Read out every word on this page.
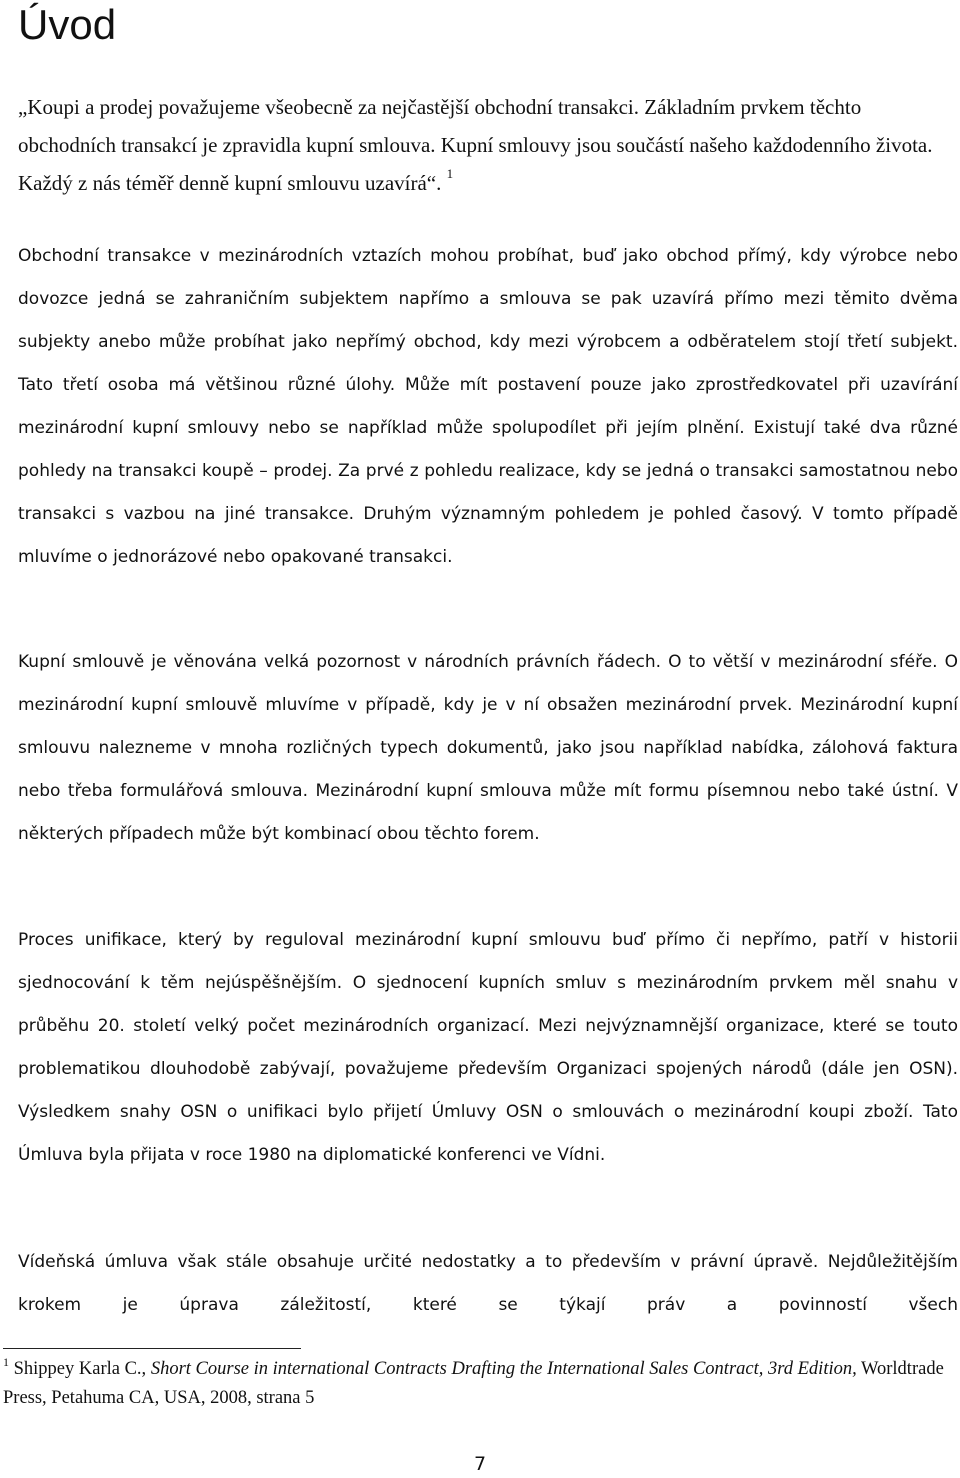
Úvod

„Koupi a prodej považujeme všeobecně za nejčastější obchodní transakci. Základním prvkem těchto obchodních transakcí je zpravidla kupní smlouva. Kupní smlouvy jsou součástí našeho každodenního života. Každý z nás téměř denně kupní smlouvu uzavírá“. $^1$

Obchodní transakce v mezinárodních vztazích mohou probíhat, buď jako obchod přímý, kdy výrobce nebo dovozce jedná se zahraničním subjektem napřímo a smlouva se pak uzavírá přímo mezi těmito dvěma subjekty anebo může probíhat jako nepřímý obchod, kdy mezi výrobcem a odběratelem stojí třetí subjekt. Tato třetí osoba má většinou různé úlohy. Může mít postavení pouze jako zprostředkovatel při uzavírání mezinárodní kupní smlouvy nebo se například může spolupodílet při jejím plnění. Existují také dva různé pohledy na transakci koupě – prodej. Za prvé z pohledu realizace, kdy se jedná o transakci samostatnou nebo transakci s vazbou na jiné transakce. Druhým významným pohledem je pohled časový. V tomto případě mluvíme o jednorázové nebo opakované transakci.

Kupní smlouvě je věnována velká pozornost v národních právních řádech. O to větší v mezinárodní sféře. O mezinárodní kupní smlouvě mluvíme v případě, kdy je v ní obsažen mezinárodní prvek. Mezinárodní kupní smlouvu nalezneme v mnoha rozličných typech dokumentů, jako jsou například nabídka, zálohová faktura nebo třeba formulářová smlouva. Mezinárodní kupní smlouva může mít formu písemnou nebo také ústní. V některých případech může být kombinací obou těchto forem.

Proces unifikace, který by reguloval mezinárodní kupní smlouvu buď přímo či nepřímo, patří v historii sjednocování k těm nejúspěšnějším. O sjednocení kupních smluv s mezinárodním prvkem měl snahu v průběhu 20. století velký počet mezinárodních organizací. Mezi nejvýznamnější organizace, které se touto problematikou dlouhodobě zabývají, považujeme především Organizaci spojených národů (dále jen OSN). Výsledkem snahy OSN o unifikaci bylo přijetí Úmluvy OSN o smlouvách o mezinárodní koupi zboží. Tato Úmluva byla přijata v roce 1980 na diplomatické konferenci ve Vídni.

Vídeňská úmluva však stále obsahuje určité nedostatky a to především v právní úpravě. Nejdůležitějším krokem je úprava záležitostí, které se týkají práv a povinností všech

$^1$ Shippey Karla C., Short Course in international Contracts Drafting the International Sales Contract, 3rd Edition, Worldtrade Press, Petahuma CA, USA, 2008, strana 5

7
